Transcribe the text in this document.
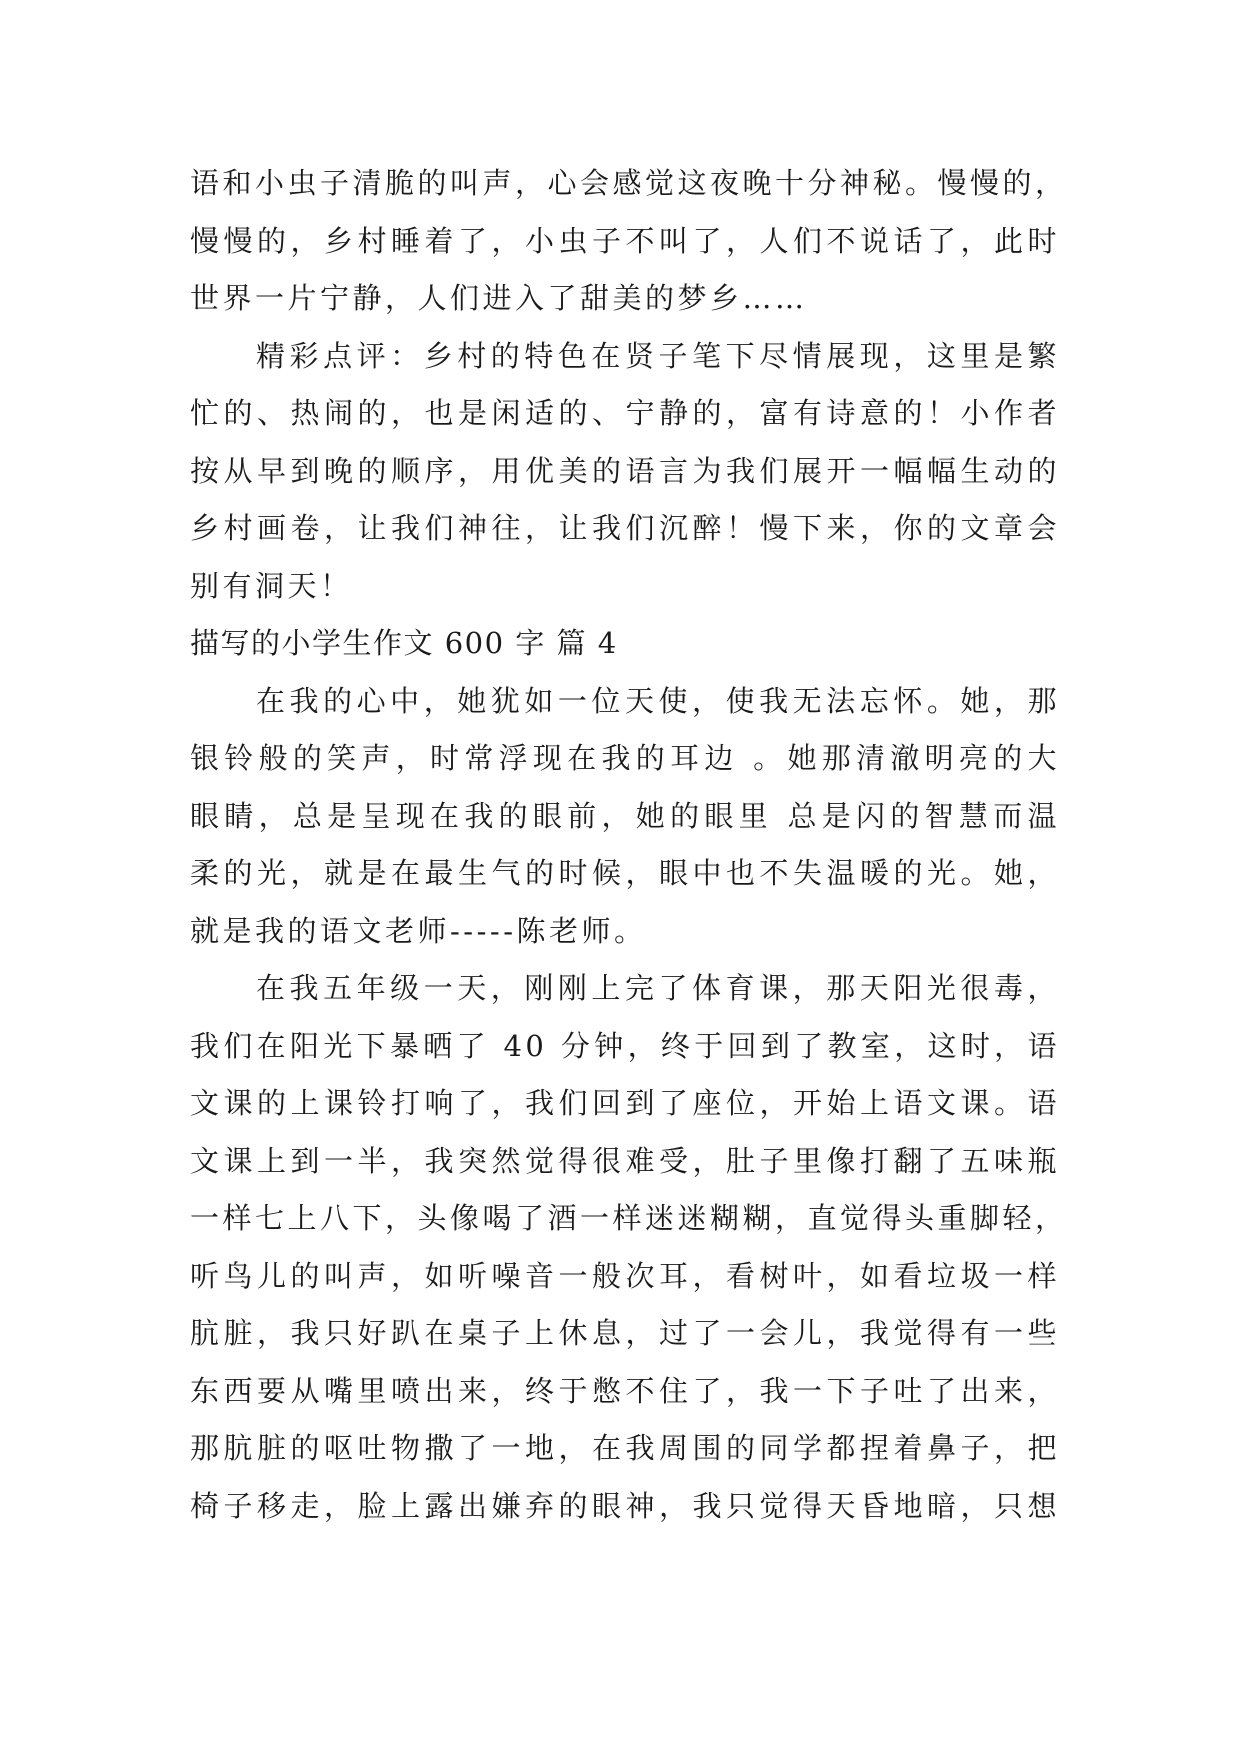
语和小虫子清脆的叫声，心会感觉这夜晚十分神秘。慢慢的，
慢慢的，乡村睡着了，小虫子不叫了，人们不说话了，此时
世界一片宁静，人们进入了甜美的梦乡……
精彩点评：乡村的特色在贤子笔下尽情展现，这里是繁
忙的、热闹的，也是闲适的、宁静的，富有诗意的！小作者
按从早到晚的顺序，用优美的语言为我们展开一幅幅生动的
乡村画卷，让我们神往，让我们沉醉！慢下来，你的文章会
别有洞天！
描写的小学生作文 600 字 篇 4
在我的心中，她犹如一位天使，使我无法忘怀。她，那
银铃般的笑声，时常浮现在我的耳边 。她那清澈明亮的大
眼睛，总是呈现在我的眼前，她的眼里 总是闪的智慧而温
柔的光，就是在最生气的时候，眼中也不失温暖的光。她，
就是我的语文老师-----陈老师。
在我五年级一天，刚刚上完了体育课，那天阳光很毒，
我们在阳光下暴晒了 40 分钟，终于回到了教室，这时，语
文课的上课铃打响了，我们回到了座位，开始上语文课。语
文课上到一半，我突然觉得很难受，肚子里像打翻了五味瓶
一样七上八下，头像喝了酒一样迷迷糊糊，直觉得头重脚轻，
听鸟儿的叫声，如听噪音一般次耳，看树叶，如看垃圾一样
肮脏，我只好趴在桌子上休息，过了一会儿，我觉得有一些
东西要从嘴里喷出来，终于憋不住了，我一下子吐了出来，
那肮脏的呕吐物撒了一地，在我周围的同学都捏着鼻子，把
椅子移走，脸上露出嫌弃的眼神，我只觉得天昏地暗，只想
